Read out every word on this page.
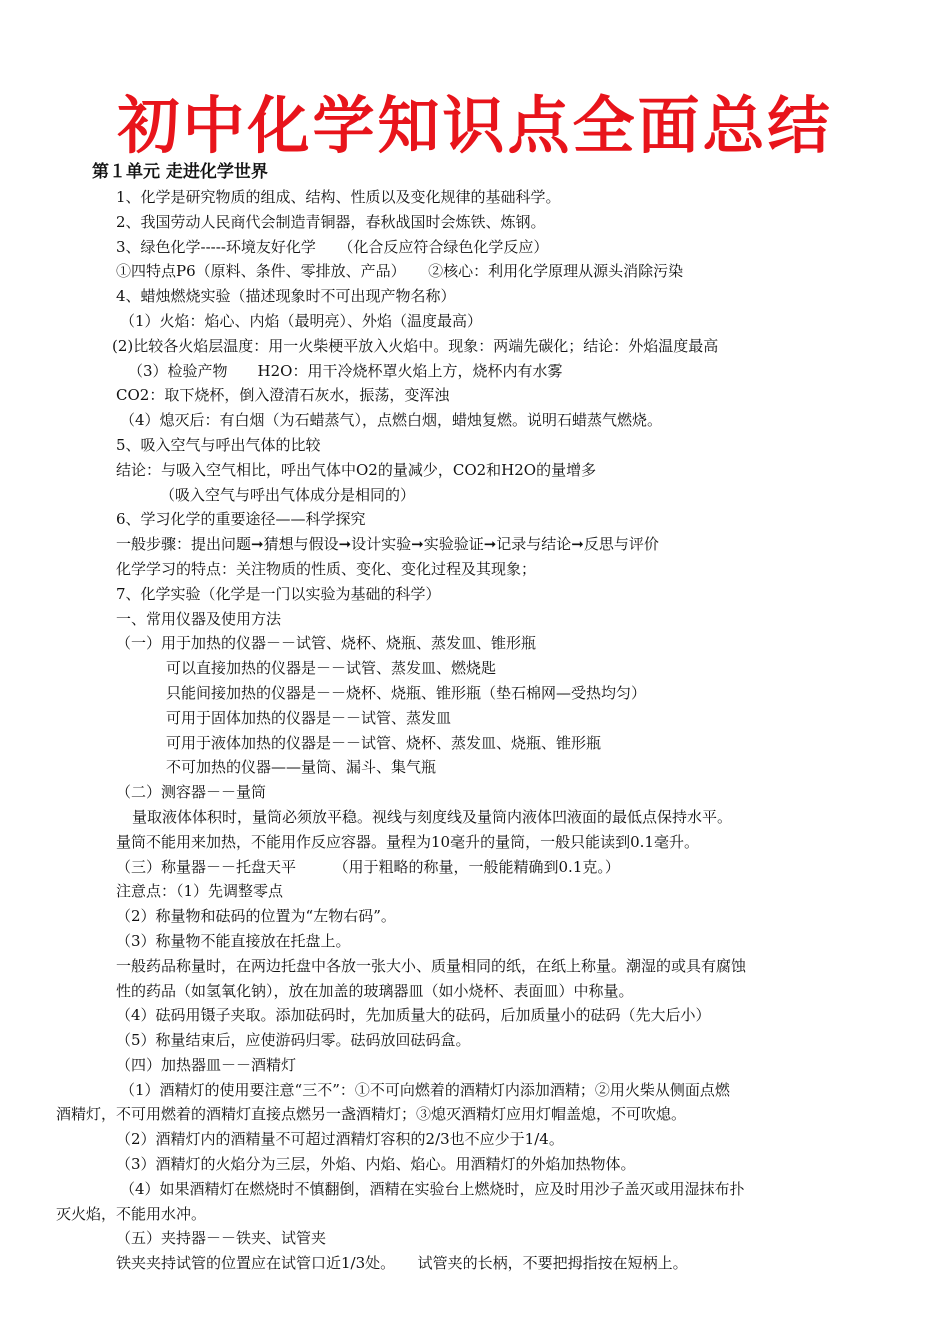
初中化学知识点全面总结
第１单元 走进化学世界
1、化学是研究物质的组成、结构、性质以及变化规律的基础科学。
2、我国劳动人民商代会制造青铜器，春秋战国时会炼铁、炼钢。
3、绿色化学-----环境友好化学　　（化合反应符合绿色化学反应）
①四特点P6（原料、条件、零排放、产品）　　②核心：利用化学原理从源头消除污染
4、蜡烛燃烧实验（描述现象时不可出现产物名称）
（1）火焰：焰心、内焰（最明亮）、外焰（温度最高）
(2)比较各火焰层温度：用一火柴梗平放入火焰中。现象：两端先碳化；结论：外焰温度最高
（3）检验产物　　H2O：用干冷烧杯罩火焰上方，烧杯内有水雾
CO2：取下烧杯，倒入澄清石灰水，振荡，变浑浊
（4）熄灭后：有白烟（为石蜡蒸气），点燃白烟，蜡烛复燃。说明石蜡蒸气燃烧。
5、吸入空气与呼出气体的比较
结论：与吸入空气相比，呼出气体中O2的量减少，CO2和H2O的量增多
（吸入空气与呼出气体成分是相同的）
6、学习化学的重要途径——科学探究
一般步骤：提出问题➞猜想与假设➞设计实验➞实验验证➞记录与结论➞反思与评价
化学学习的特点：关注物质的性质、变化、变化过程及其现象；
7、化学实验（化学是一门以实验为基础的科学）
一、常用仪器及使用方法
（一）用于加热的仪器－－试管、烧杯、烧瓶、蒸发皿、锥形瓶
可以直接加热的仪器是－－试管、蒸发皿、燃烧匙
只能间接加热的仪器是－－烧杯、烧瓶、锥形瓶（垫石棉网—受热均匀）
可用于固体加热的仪器是－－试管、蒸发皿
可用于液体加热的仪器是－－试管、烧杯、蒸发皿、烧瓶、锥形瓶
不可加热的仪器——量筒、漏斗、集气瓶
（二）测容器－－量筒
量取液体体积时，量筒必须放平稳。视线与刻度线及量筒内液体凹液面的最低点保持水平。
量筒不能用来加热，不能用作反应容器。量程为10毫升的量筒，一般只能读到0.1毫升。
（三）称量器－－托盘天平　　　（用于粗略的称量，一般能精确到0.1克。）
注意点：（1）先调整零点
（2）称量物和砝码的位置为“左物右码”。
（3）称量物不能直接放在托盘上。
一般药品称量时，在两边托盘中各放一张大小、质量相同的纸，在纸上称量。潮湿的或具有腐蚀
性的药品（如氢氧化钠），放在加盖的玻璃器皿（如小烧杯、表面皿）中称量。
（4）砝码用镊子夹取。添加砝码时，先加质量大的砝码，后加质量小的砝码（先大后小）
（5）称量结束后，应使游码归零。砝码放回砝码盒。
（四）加热器皿－－酒精灯
（1）酒精灯的使用要注意“三不”：①不可向燃着的酒精灯内添加酒精；②用火柴从侧面点燃
酒精灯，不可用燃着的酒精灯直接点燃另一盏酒精灯；③熄灭酒精灯应用灯帽盖熄，不可吹熄。
（2）酒精灯内的酒精量不可超过酒精灯容积的2/3也不应少于1/4。
（3）酒精灯的火焰分为三层，外焰、内焰、焰心。用酒精灯的外焰加热物体。
（4）如果酒精灯在燃烧时不慎翻倒，酒精在实验台上燃烧时，应及时用沙子盖灭或用湿抹布扑
灭火焰，不能用水冲。
（五）夹持器－－铁夹、试管夹
铁夹夹持试管的位置应在试管口近1/3处。　　试管夹的长柄，不要把拇指按在短柄上。
